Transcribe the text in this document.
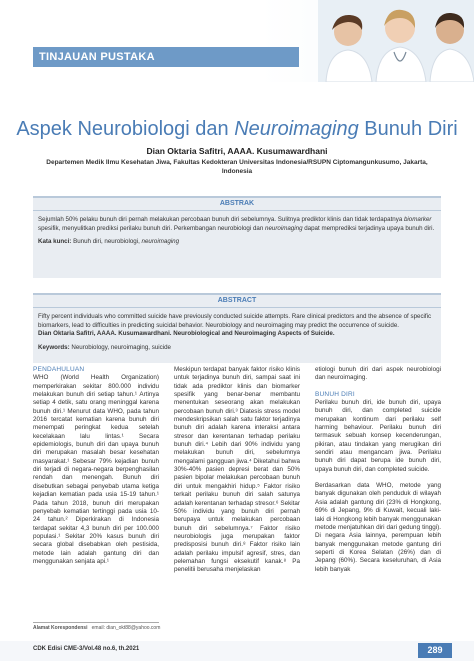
TINJAUAN PUSTAKA
Aspek Neurobiologi dan Neuroimaging Bunuh Diri
Dian Oktaria Safitri, AAAA. Kusumawardhani
Departemen Medik Ilmu Kesehatan Jiwa, Fakultas Kedokteran Universitas Indonesia/RSUPN Ciptomangunkusumo, Jakarta, Indonesia
ABSTRAK
Sejumlah 50% pelaku bunuh diri pernah melakukan percobaan bunuh diri sebelumnya. Sulitnya prediktor klinis dan tidak terdapatnya biomarker spesifik, menyulitkan prediksi perilaku bunuh diri. Perkembangan neurobiologi dan neuroimaging dapat memprediksi terjadinya upaya bunuh diri.
Kata kunci: Bunuh diri, neurobiologi, neuroimaging
ABSTRACT
Fifty percent individuals who committed suicide have previously conducted suicide attempts. Rare clinical predictors and the absence of specific biomarkers, lead to difficulties in predicting suicidal behavior. Neurobiology and neuroimaging may predict the occurrence of suicide.
Dian Oktaria Safitri, AAAA. Kusumawardhani. Neurobiological and Neuroimaging Aspects of Suicide.
Keywords: Neurobiology, neuroimaging, suicide
PENDAHULUAN

WHO (World Health Organization) memperkirakan sekitar 800.000 individu melakukan bunuh diri setiap tahun.¹ Artinya setiap 4 detik, satu orang meninggal karena bunuh diri.¹ Menurut data WHO, pada tahun 2016 tercatat kematian karena bunuh diri menempati peringkat kedua setelah kecelakaan lalu lintas.¹ Secara epidemiologis, bunuh diri dan upaya bunuh diri merupakan masalah besar kesehatan masyarakat.¹ Sebesar 79% kejadian bunuh diri terjadi di negara-negara berpenghasilan rendah dan menengah. Bunuh diri disebutkan sebagai penyebab utama ketiga kejadian kematian pada usia 15-19 tahun.¹ Pada tahun 2018, bunuh diri merupakan penyebab kematian tertinggi pada usia 10-24 tahun.² Diperkirakan di Indonesia terdapat sekitar 4,3 bunuh diri per 100.000 populasi.¹ Sekitar 20% kasus bunuh diri secara global disebabkan oleh pestisida, metode lain adalah gantung diri dan menggunakan senjata api.¹

Meskipun terdapat banyak faktor risiko klinis untuk terjadinya bunuh diri, sampai saat ini tidak ada prediktor klinis dan biomarker spesifik yang benar-benar membantu menentukan seseorang akan melakukan percobaan bunuh diri.³ Diatesis stress model mendeskripsikan salah satu faktor terjadinya bunuh diri adalah karena interaksi antara stresor dan kerentanan terhadap perilaku bunuh diri.⁴ Lebih dari 90% individu yang melakukan bunuh diri, sebelumnya mengalami gangguan jiwa.⁴ Diketahui bahwa 30%-40% pasien depresi berat dan 50% pasien bipolar melakukan percobaan bunuh diri untuk mengakhiri hidup.⁵ Faktor risiko terkait perilaku bunuh diri salah satunya adalah kerentanan terhadap stresor.⁶ Sekitar 50% individu yang bunuh diri pernah berupaya untuk melakukan percobaan bunuh diri sebelumnya.⁷ Faktor risiko neurobiologis juga merupakan faktor predisposisi bunuh diri.⁸ Faktor risiko lain adalah perilaku impulsif agresif, stres, dan pelemahan fungsi eksekutif kanak.⁸ Pa penelitii berusaha menjelaskan

etiologi bunuh diri dari aspek neurobiologi dan neuroimaging.

BUNUH DIRI

Perilaku bunuh diri, ide bunuh diri, upaya bunuh diri, dan completed suicide merupakan kontinum dari perilaku self harming behaviour. Perilaku bunuh diri termasuk sebuah konsep kecenderungan, pikiran, atau tindakan yang merugikan diri sendiri atau mengancam jiwa. Perilaku bunuh diri dapat berupa ide bunuh diri, upaya bunuh diri, dan completed suicide.

Berdasarkan data WHO, metode yang banyak digunakan oleh penduduk di wilayah Asia adalah gantung diri (23% di Hongkong, 69% di Jepang, 9% di Kuwait, kecuali laki-laki di Hongkong lebih banyak menggunakan metode menjatuhkan diri dari gedung tinggi). Di negara Asia lainnya, perempuan lebih banyak menggunakan metode gantung diri seperti di Korea Selatan (26%) dan di Jepang (60%). Secara keseluruhan, di Asia lebih banyak

Alamat Korespondensi email: dian_okt88@yahoo.com
CDK Edisi CME-3/Vol.48 no.6, th.2021	289
